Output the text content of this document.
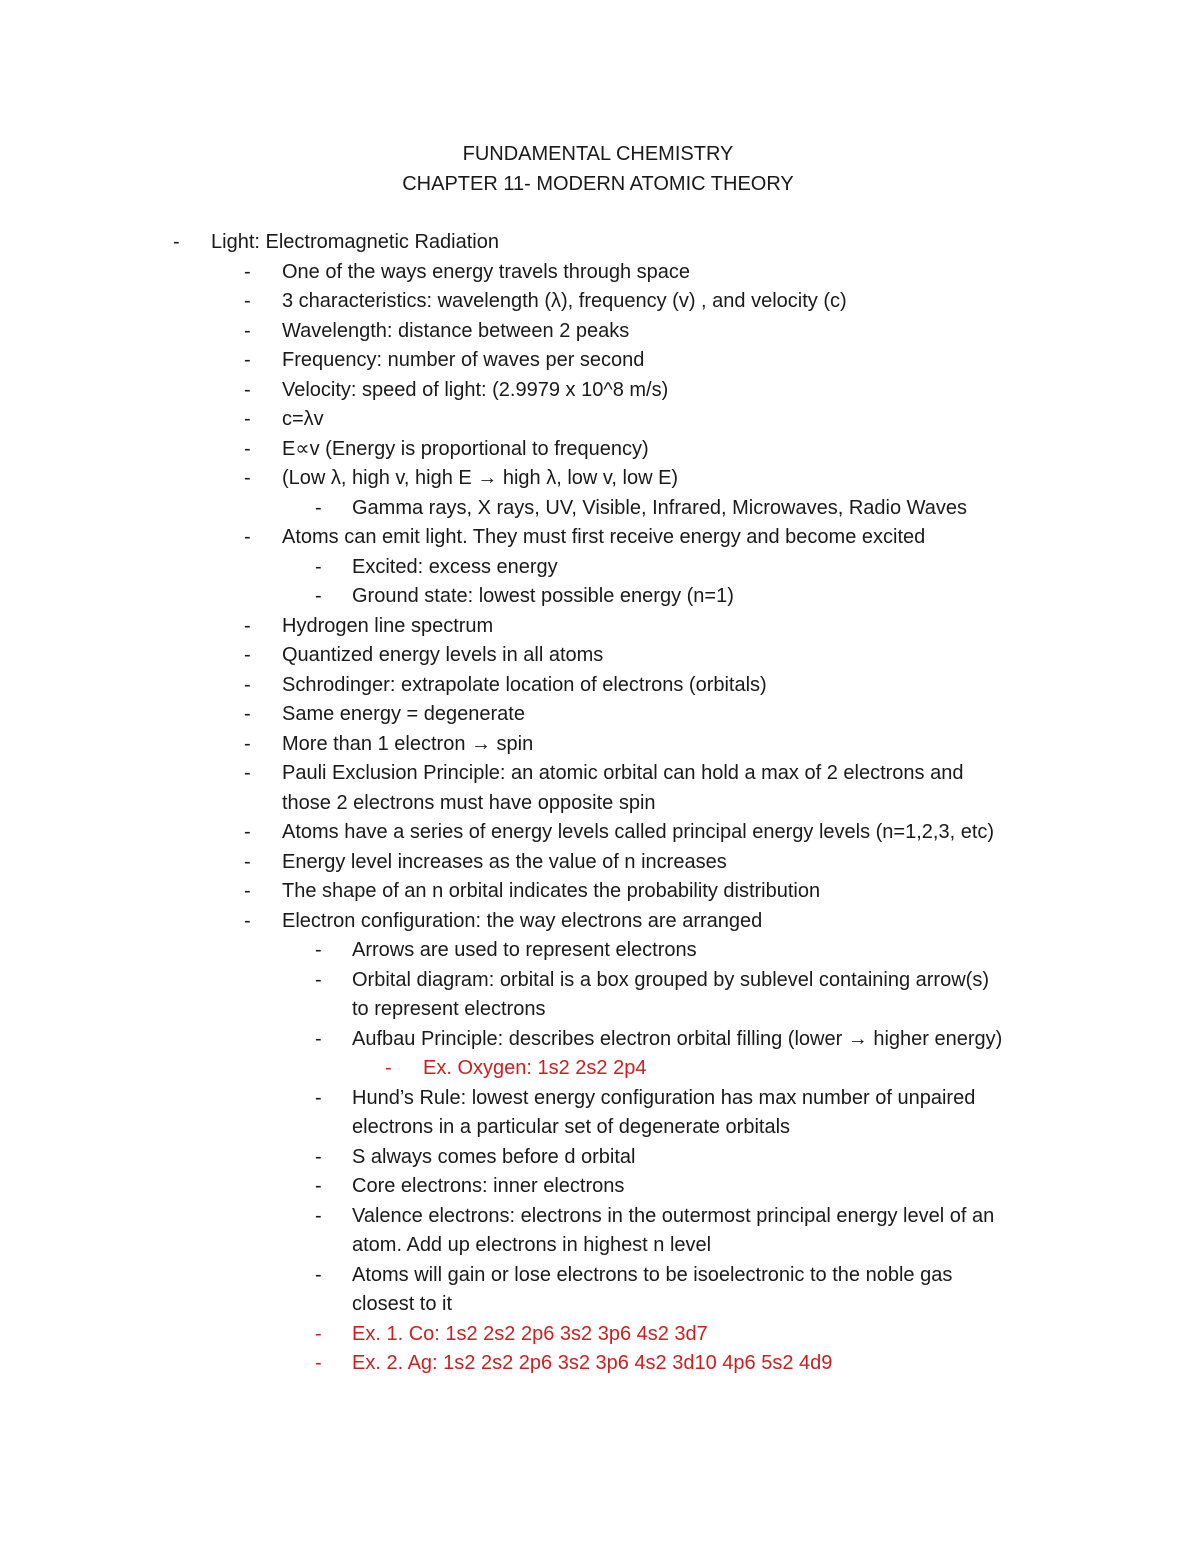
FUNDAMENTAL CHEMISTRY
CHAPTER 11- MODERN ATOMIC THEORY
- Light: Electromagnetic Radiation
- One of the ways energy travels through space
- 3 characteristics: wavelength (λ), frequency (v) , and velocity (c)
- Wavelength: distance between 2 peaks
- Frequency: number of waves per second
- Velocity: speed of light: (2.9979 x 10^8 m/s)
- c=λv
- E∝v (Energy is proportional to frequency)
- (Low λ, high v, high E → high λ, low v, low E)
- Gamma rays, X rays, UV, Visible, Infrared, Microwaves, Radio Waves
- Atoms can emit light. They must first receive energy and become excited
- Excited: excess energy
- Ground state: lowest possible energy (n=1)
- Hydrogen line spectrum
- Quantized energy levels in all atoms
- Schrodinger: extrapolate location of electrons (orbitals)
- Same energy = degenerate
- More than 1 electron → spin
- Pauli Exclusion Principle: an atomic orbital can hold a max of 2 electrons and
those 2 electrons must have opposite spin
- Atoms have a series of energy levels called principal energy levels (n=1,2,3, etc)
- Energy level increases as the value of n increases
- The shape of an n orbital indicates the probability distribution
- Electron configuration: the way electrons are arranged
- Arrows are used to represent electrons
- Orbital diagram: orbital is a box grouped by sublevel containing arrow(s)
to represent electrons
- Aufbau Principle: describes electron orbital filling (lower → higher energy)
- Ex. Oxygen: 1s2 2s2 2p4
- Hund’s Rule: lowest energy configuration has max number of unpaired
electrons in a particular set of degenerate orbitals
- S always comes before d orbital
- Core electrons: inner electrons
- Valence electrons: electrons in the outermost principal energy level of an
atom. Add up electrons in highest n level
- Atoms will gain or lose electrons to be isoelectronic to the noble gas
closest to it
- Ex. 1. Co: 1s2 2s2 2p6 3s2 3p6 4s2 3d7
- Ex. 2. Ag: 1s2 2s2 2p6 3s2 3p6 4s2 3d10 4p6 5s2 4d9
